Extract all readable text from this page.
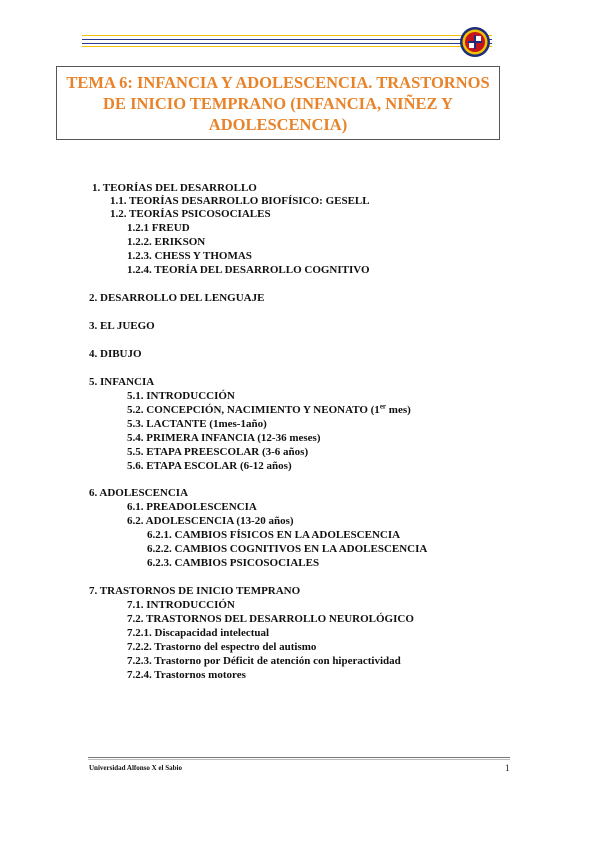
TEMA 6: INFANCIA Y ADOLESCENCIA. TRASTORNOS DE INICIO TEMPRANO (INFANCIA, NIÑEZ Y ADOLESCENCIA)
1. TEORÍAS DEL DESARROLLO
1.1. TEORÍAS DESARROLLO BIOFÍSICO: GESELL
1.2. TEORÍAS PSICOSOCIALES
1.2.1 FREUD
1.2.2. ERIKSON
1.2.3. CHESS Y THOMAS
1.2.4. TEORÍA DEL DESARROLLO COGNITIVO
2. DESARROLLO DEL LENGUAJE
3. EL JUEGO
4. DIBUJO
5. INFANCIA
5.1. INTRODUCCIÓN
5.2. CONCEPCIÓN, NACIMIENTO Y NEONATO (1er mes)
5.3. LACTANTE (1mes-1año)
5.4. PRIMERA INFANCIA (12-36 meses)
5.5. ETAPA PREESCOLAR (3-6 años)
5.6. ETAPA ESCOLAR (6-12 años)
6. ADOLESCENCIA
6.1. PREADOLESCENCIA
6.2. ADOLESCENCIA (13-20 años)
6.2.1. CAMBIOS FÍSICOS EN LA ADOLESCENCIA
6.2.2. CAMBIOS COGNITIVOS EN LA ADOLESCENCIA
6.2.3. CAMBIOS PSICOSOCIALES
7. TRASTORNOS DE INICIO TEMPRANO
7.1. INTRODUCCIÓN
7.2. TRASTORNOS DEL DESARROLLO NEUROLÓGICO
7.2.1. Discapacidad intelectual
7.2.2. Trastorno del espectro del autismo
7.2.3. Trastorno por Déficit de atención con hiperactividad
7.2.4. Trastornos motores
Universidad Alfonso X el Sabio	1
